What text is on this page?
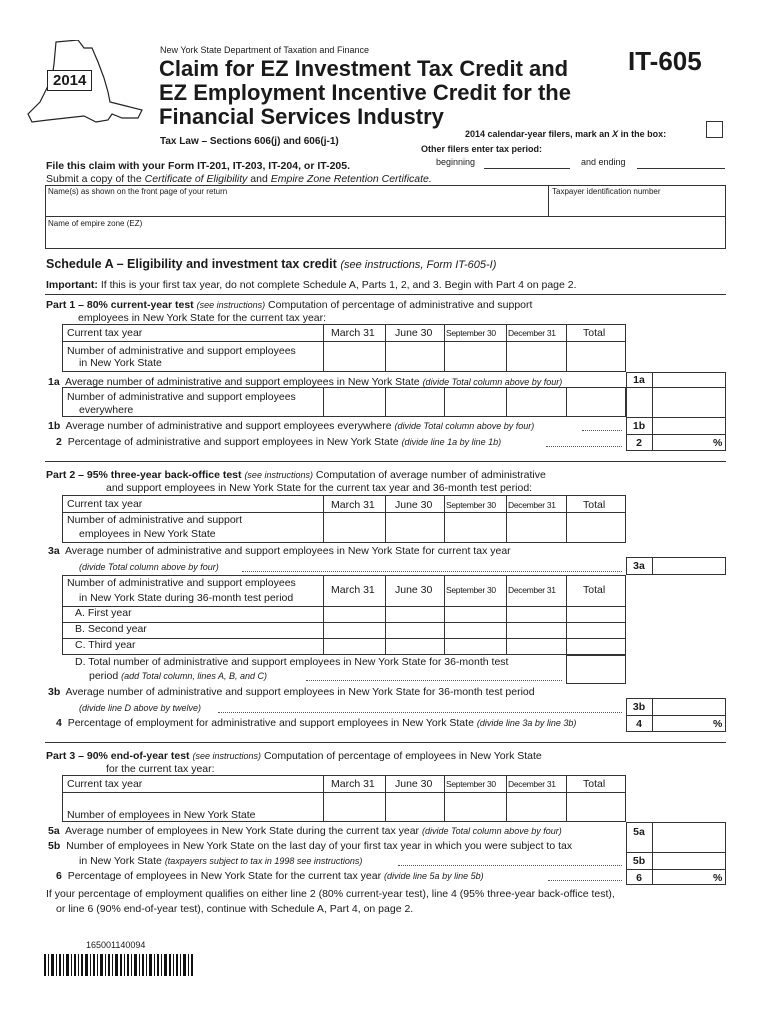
2014
New York State Department of Taxation and Finance
Claim for EZ Investment Tax Credit and
EZ Employment Incentive Credit for the
Financial Services Industry
IT-605
Tax Law – Sections 606(j) and 606(j-1)
2014 calendar-year filers, mark an X in the box:
Other filers enter tax period:
File this claim with your Form IT-201, IT-203, IT-204, or IT-205.	beginning	and ending
Submit a copy of the Certificate of Eligibility and Empire Zone Retention Certificate.
Name(s) as shown on the front page of your return	Taxpayer identification number
Name of empire zone (EZ)
Schedule A – Eligibility and investment tax credit (see instructions, Form IT-605-I)
Important: If this is your first tax year, do not complete Schedule A, Parts 1, 2, and 3. Begin with Part 4 on page 2.
Part 1 – 80% current-year test (see instructions) Computation of percentage of administrative and support
employees in New York State for the current tax year:
Current tax year	March 31 June 30 September 30 December 31	Total
Number of administrative and support employees
in New York State
1a Average number of administrative and support employees in New York State (divide Total column above by four)
Number of administrative and support employees
everywhere
1b Average number of administrative and support employees everywhere (divide Total column above by four)
2 Percentage of administrative and support employees in New York State (divide line 1a by line 1b)
1a
1b
2	%
Part 2 – 95% three-year back-office test (see instructions) Computation of average number of administrative
and support employees in New York State for the current tax year and 36-month test period:
Current tax year	March 31 June 30 September 30 December 31	Total
Number of administrative and support
employees in New York State
3a Average number of administrative and support employees in New York State for current tax year
(divide Total column above by four)
Number of administrative and support employees
in New York State during 36-month test period
March 31 June 30 September 30 December 31	Total
A. First year
B. Second year
C. Third year
D. Total number of administrative and support employees in New York State for 36-month test
period (add Total column, lines A, B, and C)
3b Average number of administrative and support employees in New York State for 36-month test period
(divide line D above by twelve)
4 Percentage of employment for administrative and support employees in New York State (divide line 3a by line 3b)
3a
3b
4	%
Part 3 – 90% end-of-year test (see instructions) Computation of percentage of employees in New York State
for the current tax year:
Current tax year	March 31 June 30 September 30 December 31	Total
Number of employees in New York State
5a Average number of employees in New York State during the current tax year (divide Total column above by four)
5b Number of employees in New York State on the last day of your first tax year in which you were subject to tax
in New York State (taxpayers subject to tax in 1998 see instructions)
6 Percentage of employees in New York State for the current tax year (divide line 5a by line 5b)
5a
5b
6	%
If your percentage of employment qualifies on either line 2 (80% current-year test), line 4 (95% three-year back-office test),
or line 6 (90% end-of-year test), continue with Schedule A, Part 4, on page 2.
165001140094
